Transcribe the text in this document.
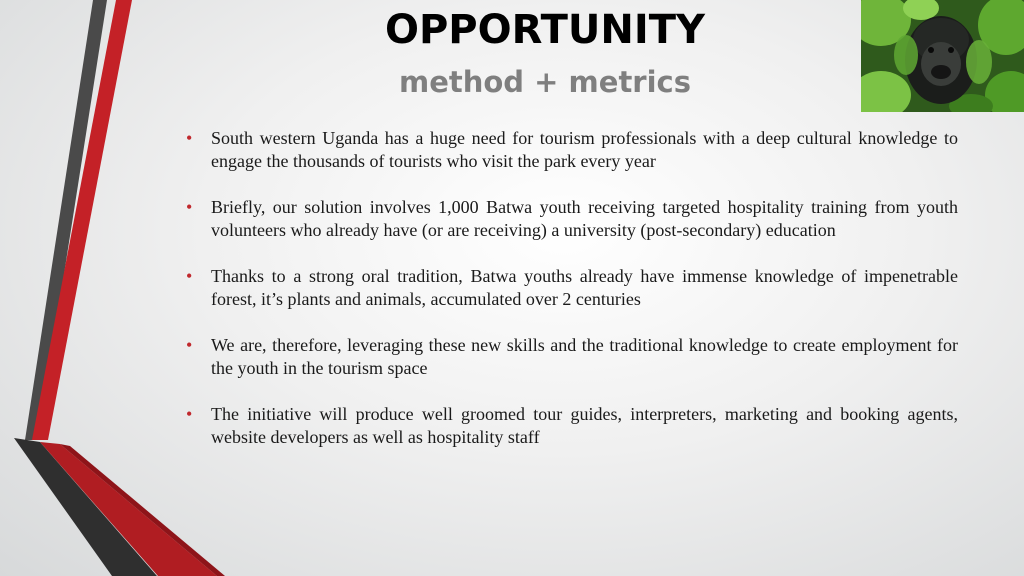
OPPORTUNITY
method + metrics
• South western Uganda has a huge need for tourism professionals with a deep cultural knowledge to engage the thousands of tourists who visit the park every year
• Briefly, our solution involves 1,000 Batwa youth receiving targeted hospitality training from youth volunteers who already have (or are receiving) a university (post-secondary) education
• Thanks to a strong oral tradition, Batwa youths already have immense knowledge of impenetrable forest, it’s plants and animals, accumulated over 2 centuries
• We are, therefore, leveraging these new skills and the traditional knowledge to create employment for the youth in the tourism space
• The initiative will produce well groomed tour guides, interpreters, marketing and booking agents, website developers as well as hospitality staff
